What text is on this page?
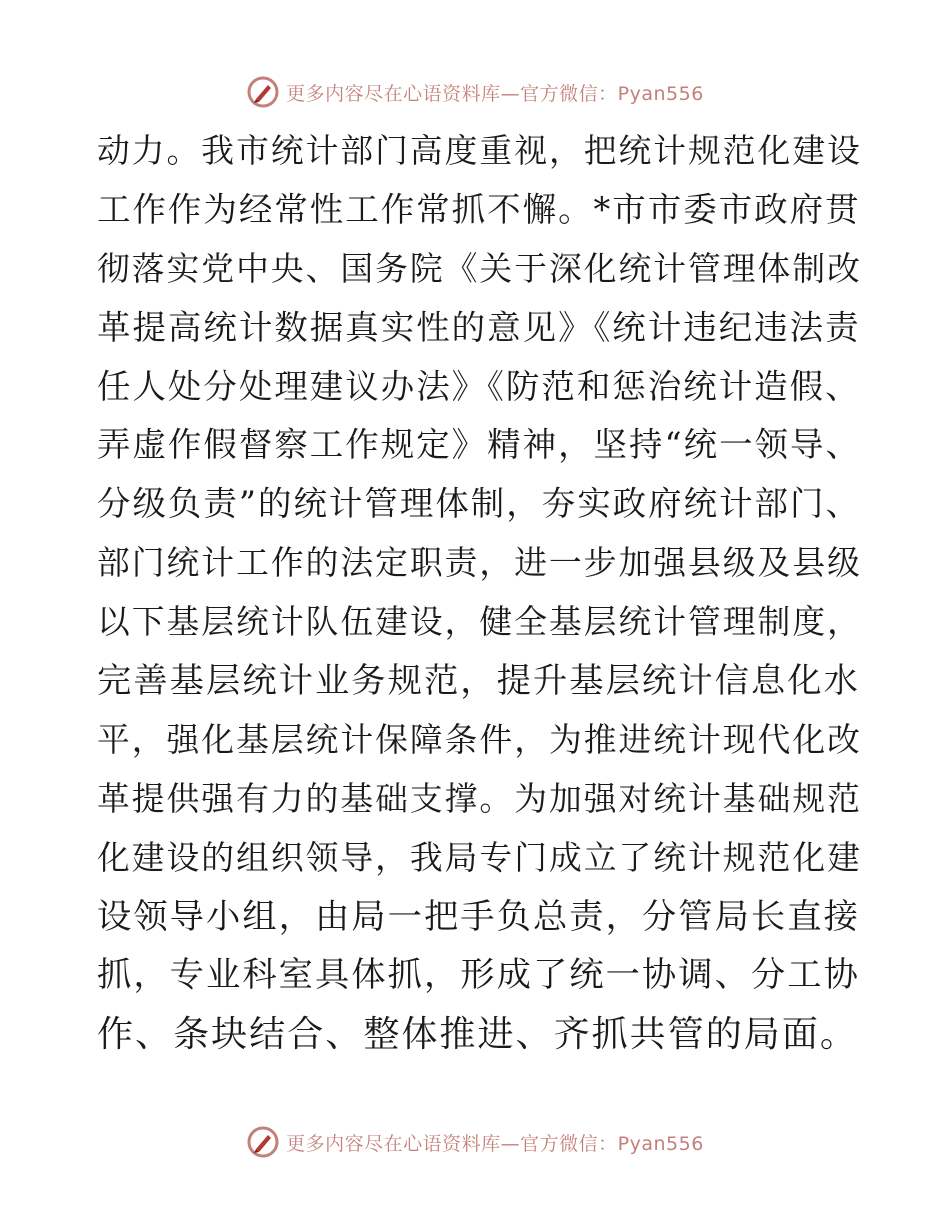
更多内容尽在心语资料库—官方微信：Pyan556
动力。我市统计部门高度重视，把统计规范化建设
工作作为经常性工作常抓不懈。*市市委市政府贯
彻落实党中央、国务院《关于深化统计管理体制改
革提高统计数据真实性的意见》《统计违纪违法责
任人处分处理建议办法》《防范和惩治统计造假、
弄虚作假督察工作规定》精神，坚持“统一领导、
分级负责”的统计管理体制，夯实政府统计部门、
部门统计工作的法定职责，进一步加强县级及县级
以下基层统计队伍建设，健全基层统计管理制度，
完善基层统计业务规范，提升基层统计信息化水
平，强化基层统计保障条件，为推进统计现代化改
革提供强有力的基础支撑。为加强对统计基础规范
化建设的组织领导，我局专门成立了统计规范化建
设领导小组，由局一把手负总责，分管局长直接
抓，专业科室具体抓，形成了统一协调、分工协
作、条块结合、整体推进、齐抓共管的局面。
更多内容尽在心语资料库—官方微信：Pyan556
